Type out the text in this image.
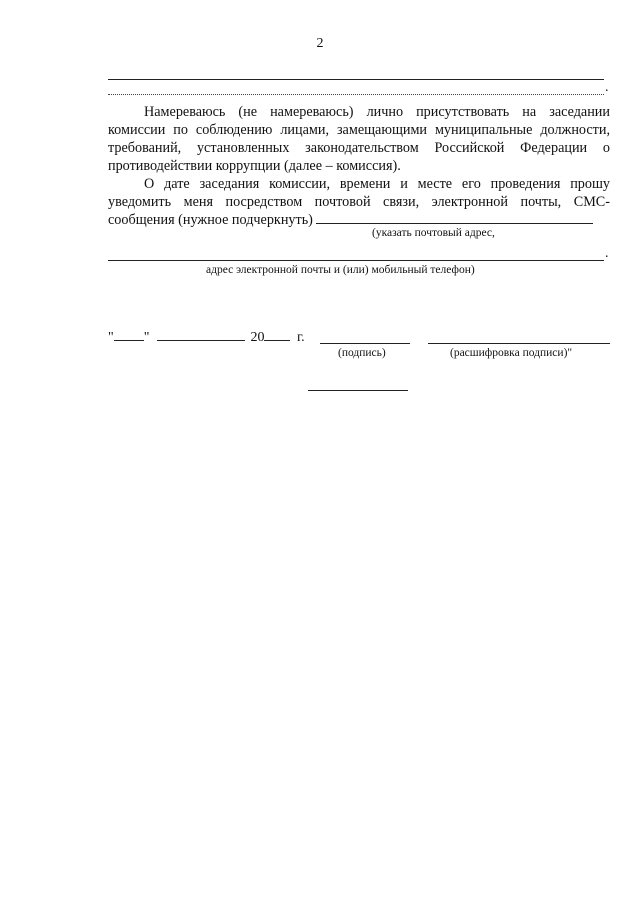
2
.

Намереваюсь (не намереваюсь) лично присутствовать на заседании комиссии по соблюдению лицами, замещающими муниципальные должности, требований, установленных законодательством Российской Федерации о противодействии коррупции (далее – комиссия).

О дате заседания комиссии, времени и месте его проведения прошу уведомить меня посредством почтовой связи, электронной почты, СМС-сообщения (нужное подчеркнуть)

(указать почтовый адрес,
.
адрес электронной почты и (или) мобильный телефон)
" "	20 г.
(подпись)	(расшифровка подписи)"
